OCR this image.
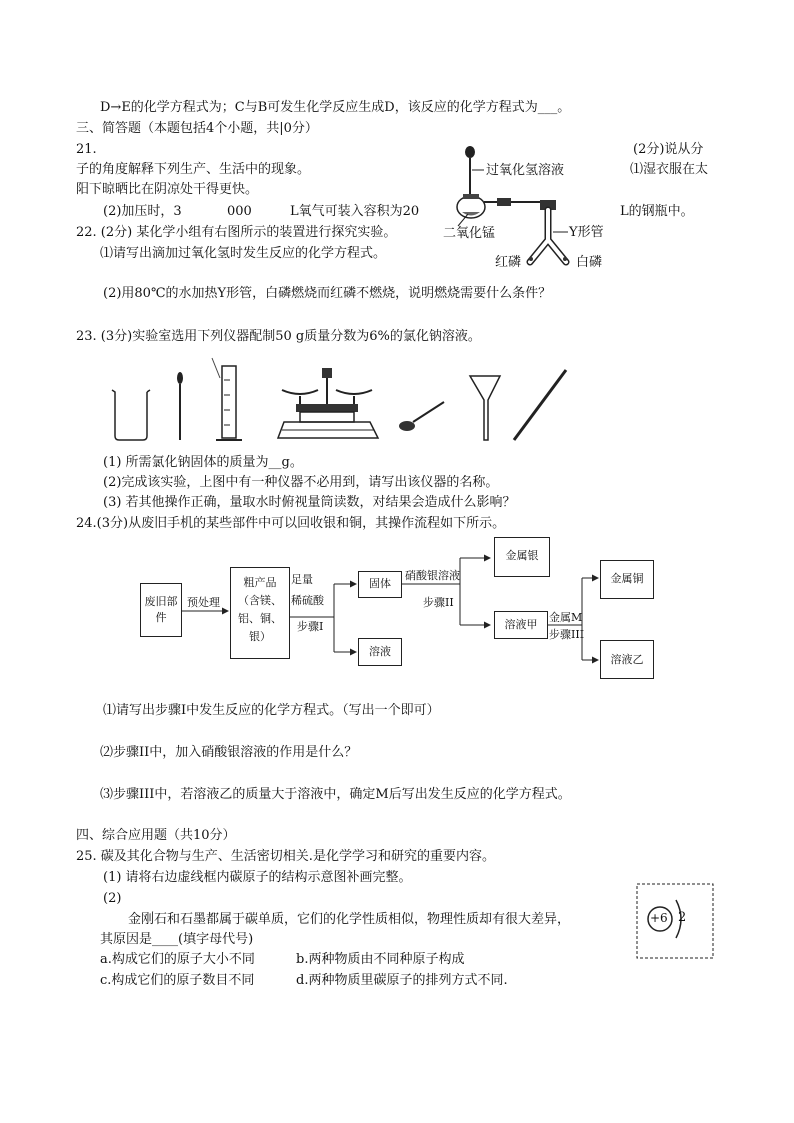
D→E的化学方程式为；C与B可发生化学反应生成D，该反应的化学方程式为___。
三、简答题（本题包括4个小题，共|0分）
21.	(2分)说从分
子的角度解释下列生产、生活中的现象。	⑴湿衣服在太
阳下晾晒比在阴凉处干得更快。
(2)加压时，3	000	L氧气可装入容积为20	L的钢瓶中。
22. (2分) 某化学小组有右图所示的装置进行探究实验。
⑴请写出滴加过氧化氢时发生反应的化学方程式。
(2)用80℃的水加热Y形管，白磷燃烧而红磷不燃烧，说明燃烧需要什么条件？
过氧化氢溶液
二氧化锰	Y形管
红磷	白磷
23. (3分)实验室选用下列仪器配制50 g质量分数为6%的氯化钠溶液。
(1) 所需氯化钠固体的质量为__g。
(2)完成该实验，上图中有一种仪器不必用到，请写出该仪器的名称。
(3) 若其他操作正确，量取水时俯视量筒读数，对结果会造成什么影响？
24.(3分)从废旧手机的某些部件中可以回收银和铜，其操作流程如下所示。
废旧部件
预处理
粗产品（含镁、铝、铜、银）
足量
稀硫酸
步骤I
固体
溶液
硝酸银溶液
步骤II
金属银
溶液甲
金属M
步骤III
金属铜
溶液乙
⑴请写出步骤I中发生反应的化学方程式。（写出一个即可）
⑵步骤II中，加入硝酸银溶液的作用是什么？
⑶步骤III中，若溶液乙的质量大于溶液中，确定M后写出发生反应的化学方程式。
四、综合应用题（共10分）
25. 碳及其化合物与生产、生活密切相关.是化学学习和研究的重要内容。
(1) 请将右边虚线框内碳原子的结构示意图补画完整。
(2)
金刚石和石墨都属于碳单质，它们的化学性质相似，物理性质却有很大差异，
其原因是____(填字母代号)
a.构成它们的原子大小不同	b.两种物质由不同种原子构成
c.构成它们的原子数目不同	d.两种物质里碳原子的排列方式不同.
+6 2
